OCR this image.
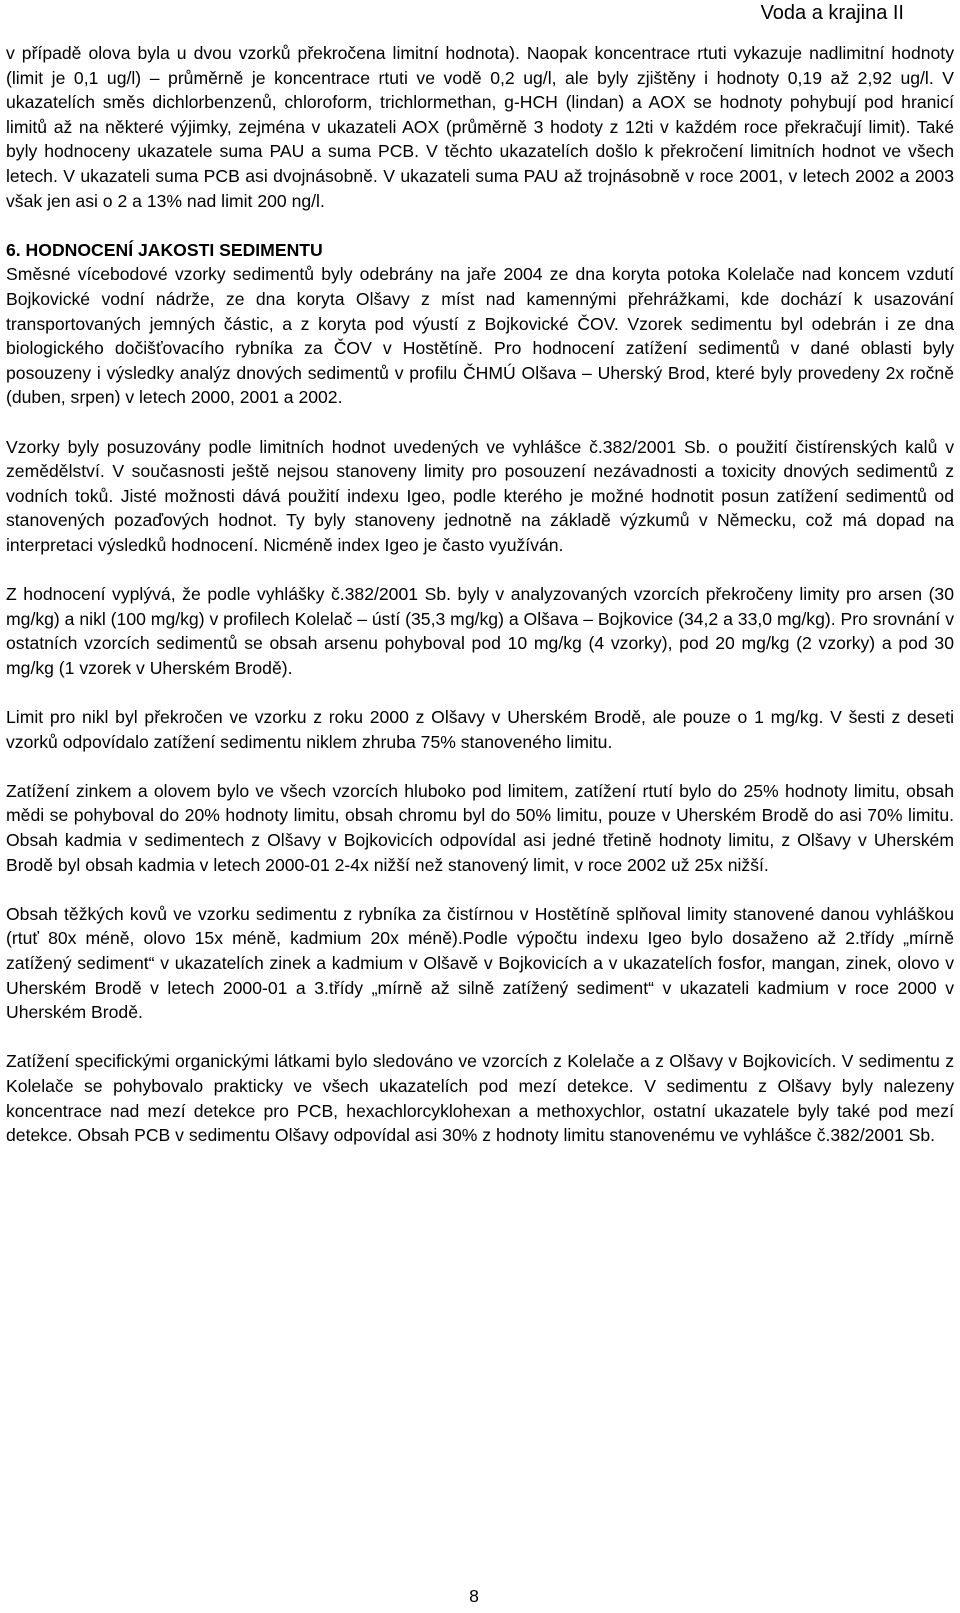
Voda a krajina II

v případě olova byla u dvou vzorků překročena limitní hodnota). Naopak koncentrace rtuti vykazuje nadlimitní hodnoty (limit je 0,1 ug/l) – průměrně je koncentrace rtuti ve vodě 0,2 ug/l, ale byly zjištěny i hodnoty 0,19 až 2,92 ug/l. V ukazatelích směs dichlorbenzenů, chloroform, trichlormethan, g-HCH (lindan) a AOX se hodnoty pohybují pod hranicí limitů až na některé výjimky, zejména v ukazateli AOX (průměrně 3 hodoty z 12ti v každém roce překračují limit). Také byly hodnoceny ukazatele suma PAU a suma PCB. V těchto ukazatelích došlo k překročení limitních hodnot ve všech letech. V ukazateli suma PCB asi dvojnásobně. V ukazateli suma PAU až trojnásobně v roce 2001, v letech 2002 a 2003 však jen asi o 2 a 13% nad limit 200 ng/l.

6. HODNOCENÍ JAKOSTI SEDIMENTU

Směsné vícebodové vzorky sedimentů byly odebrány na jaře 2004 ze dna koryta potoka Kolelače nad koncem vzdutí Bojkovické vodní nádrže, ze dna koryta Olšavy z míst nad kamennými přehrážkami, kde dochází k usazování transportovaných jemných částic, a z koryta pod výustí z Bojkovické ČOV. Vzorek sedimentu byl odebrán i ze dna biologického dočišťovacího rybníka za ČOV v Hostětíně. Pro hodnocení zatížení sedimentů v dané oblasti byly posouzeny i výsledky analýz dnových sedimentů v profilu ČHMÚ Olšava – Uherský Brod, které byly provedeny 2x ročně (duben, srpen) v letech 2000, 2001 a 2002.

Vzorky byly posuzovány podle limitních hodnot uvedených ve vyhlášce č.382/2001 Sb. o použití čistírenských kalů v zemědělství. V současnosti ještě nejsou stanoveny limity pro posouzení nezávadnosti a toxicity dnových sedimentů z vodních toků. Jisté možnosti dává použití indexu Igeo, podle kterého je možné hodnotit posun zatížení sedimentů od stanovených pozaďových hodnot. Ty byly stanoveny jednotně na základě výzkumů v Německu, což má dopad na interpretaci výsledků hodnocení. Nicméně index Igeo je často využíván.

Z hodnocení vyplývá, že podle vyhlášky č.382/2001 Sb. byly v analyzovaných vzorcích překročeny limity pro arsen (30 mg/kg) a nikl (100 mg/kg) v profilech Kolelač – ústí (35,3 mg/kg) a Olšava – Bojkovice (34,2 a 33,0 mg/kg). Pro srovnání v ostatních vzorcích sedimentů se obsah arsenu pohyboval pod 10 mg/kg (4 vzorky), pod 20 mg/kg (2 vzorky) a pod 30 mg/kg (1 vzorek v Uherském Brodě).

Limit pro nikl byl překročen ve vzorku z roku 2000 z Olšavy v Uherském Brodě, ale pouze o 1 mg/kg. V šesti z deseti vzorků odpovídalo zatížení sedimentu niklem zhruba 75% stanoveného limitu.

Zatížení zinkem a olovem bylo ve všech vzorcích hluboko pod limitem, zatížení rtutí bylo do 25% hodnoty limitu, obsah mědi se pohyboval do 20% hodnoty limitu, obsah chromu byl do 50% limitu, pouze v Uherském Brodě do asi 70% limitu. Obsah kadmia v sedimentech z Olšavy v Bojkovicích odpovídal asi jedné třetině hodnoty limitu, z Olšavy v Uherském Brodě byl obsah kadmia v letech 2000-01 2-4x nižší než stanovený limit, v roce 2002 už 25x nižší.

Obsah těžkých kovů ve vzorku sedimentu z rybníka za čistírnou v Hostětíně splňoval limity stanovené danou vyhláškou (rtuť 80x méně, olovo 15x méně, kadmium 20x méně).Podle výpočtu indexu Igeo bylo dosaženo až 2.třídy „mírně zatížený sediment“ v ukazatelích zinek a kadmium v Olšavě v Bojkovicích a v ukazatelích fosfor, mangan, zinek, olovo v Uherském Brodě v letech 2000-01 a 3.třídy „mírně až silně zatížený sediment“ v ukazateli kadmium v roce 2000 v Uherském Brodě.

Zatížení specifickými organickými látkami bylo sledováno ve vzorcích z Kolelače a z Olšavy v Bojkovicích. V sedimentu z Kolelače se pohybovalo prakticky ve všech ukazatelích pod mezí detekce. V sedimentu z Olšavy byly nalezeny koncentrace nad mezí detekce pro PCB, hexachlorcyklohexan a methoxychlor, ostatní ukazatele byly také pod mezí detekce. Obsah PCB v sedimentu Olšavy odpovídal asi 30% z hodnoty limitu stanovenému ve vyhlášce č.382/2001 Sb.

8
